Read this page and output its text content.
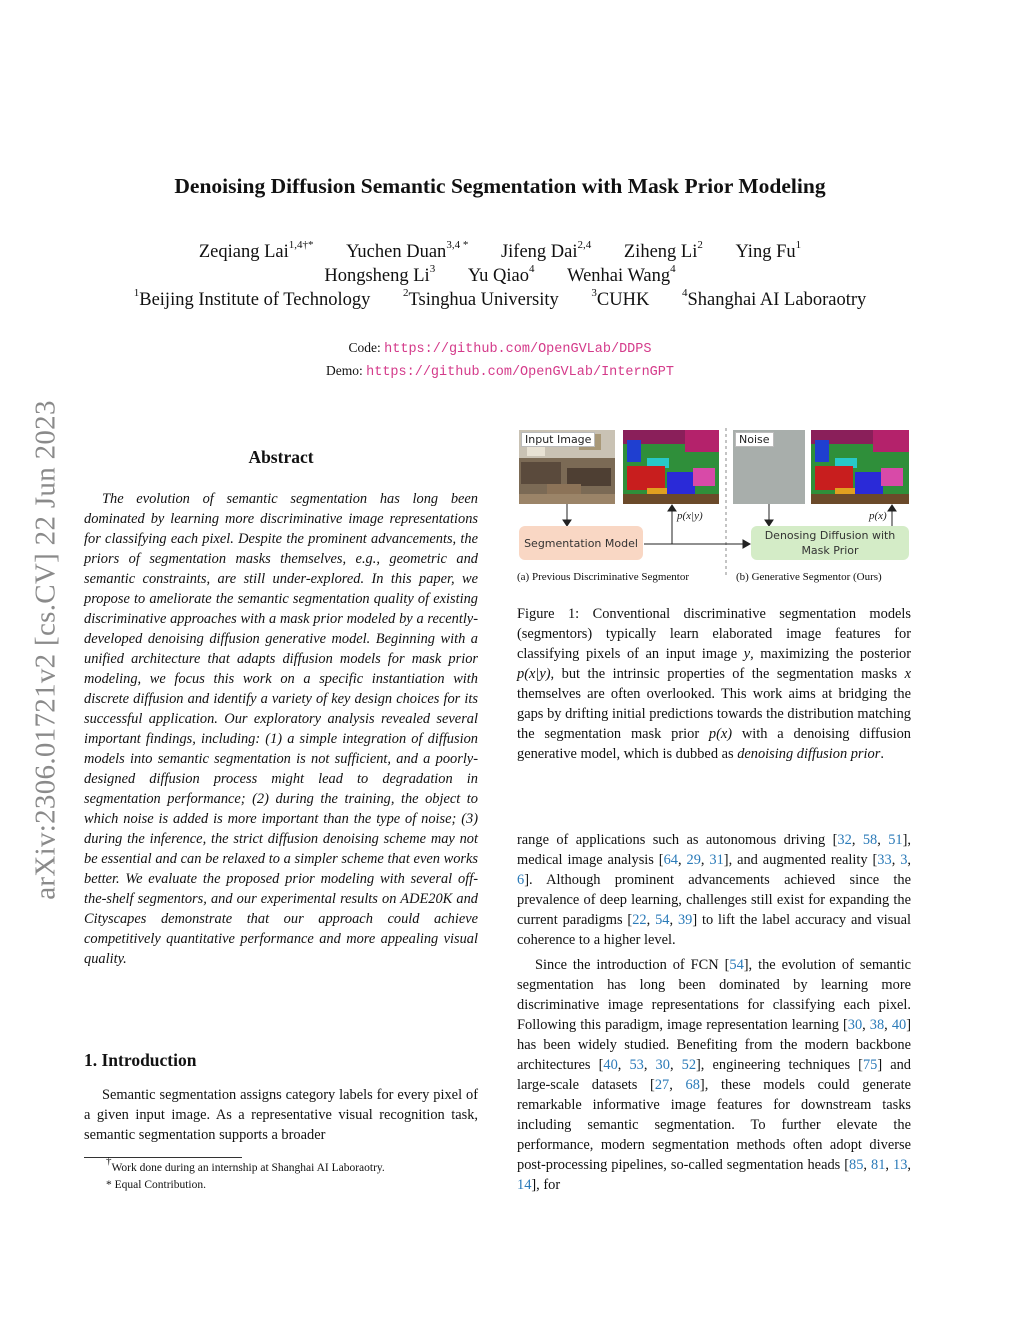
arXiv:2306.01721v2 [cs.CV] 22 Jun 2023
Denoising Diffusion Semantic Segmentation with Mask Prior Modeling
Zeqiang Lai$^{1,4\dagger*}$ Yuchen Duan$^{3,4 *}$ Jifeng Dai$^{2,4}$ Ziheng Li$^2$ Ying Fu$^1$
Hongsheng Li$^3$ Yu Qiao$^4$ Wenhai Wang$^4$
$^1$Beijing Institute of Technology	$^2$Tsinghua University	$^3$CUHK	$^4$Shanghai AI Laboraotry
Code: https://github.com/OpenGVLab/DDPS
Demo: https://github.com/OpenGVLab/InternGPT
Abstract
The evolution of semantic segmentation has long been dominated by learning more discriminative image representations for classifying each pixel. Despite the prominent advancements, the priors of segmentation masks themselves, e.g., geometric and semantic constraints, are still under-explored. In this paper, we propose to ameliorate the semantic segmentation quality of existing discriminative approaches with a mask prior modeled by a recently-developed denoising diffusion generative model. Beginning with a unified architecture that adapts diffusion models for mask prior modeling, we focus this work on a specific instantiation with discrete diffusion and identify a variety of key design choices for its successful application. Our exploratory analysis revealed several important findings, including: (1) a simple integration of diffusion models into semantic segmentation is not sufficient, and a poorly-designed diffusion process might lead to degradation in segmentation performance; (2) during the training, the object to which noise is added is more important than the type of noise; (3) during the inference, the strict diffusion denoising scheme may not be essential and can be relaxed to a simpler scheme that even works better. We evaluate the proposed prior modeling with several off-the-shelf segmentors, and our experimental results on ADE20K and Cityscapes demonstrate that our approach could achieve competitively quantitative performance and more appealing visual quality.
1. Introduction
Semantic segmentation assigns category labels for every pixel of a given input image. As a representative visual recognition task, semantic segmentation supports a broader
†Work done during an internship at Shanghai AI Laboraotry.
* Equal Contribution.
Input Image	Noise
p(x|y)	p(x)
Segmentation Model
Denosing Diffusion with Mask Prior
(a) Previous Discriminative Segmentor	(b) Generative Segmentor (Ours)
Figure 1: Conventional discriminative segmentation models (segmentors) typically learn elaborated image features for classifying pixels of an input image y, maximizing the posterior p(x|y), but the intrinsic properties of the segmentation masks x themselves are often overlooked. This work aims at bridging the gaps by drifting initial predictions towards the distribution matching the segmentation mask prior p(x) with a denoising diffusion generative model, which is dubbed as denoising diffusion prior.
range of applications such as autonomous driving [32, 58, 51], medical image analysis [64, 29, 31], and augmented reality [33, 3, 6]. Although prominent advancements achieved since the prevalence of deep learning, challenges still exist for expanding the current paradigms [22, 54, 39] to lift the label accuracy and visual coherence to a higher level.
Since the introduction of FCN [54], the evolution of semantic segmentation has long been dominated by learning more discriminative image representations for classifying each pixel. Following this paradigm, image representation learning [30, 38, 40] has been widely studied. Benefiting from the modern backbone architectures [40, 53, 30, 52], engineering techniques [75] and large-scale datasets [27, 68], these models could generate remarkable informative image features for downstream tasks including semantic segmentation. To further elevate the performance, modern segmentation methods often adopt diverse post-processing pipelines, so-called segmentation heads [85, 81, 13, 14], for
